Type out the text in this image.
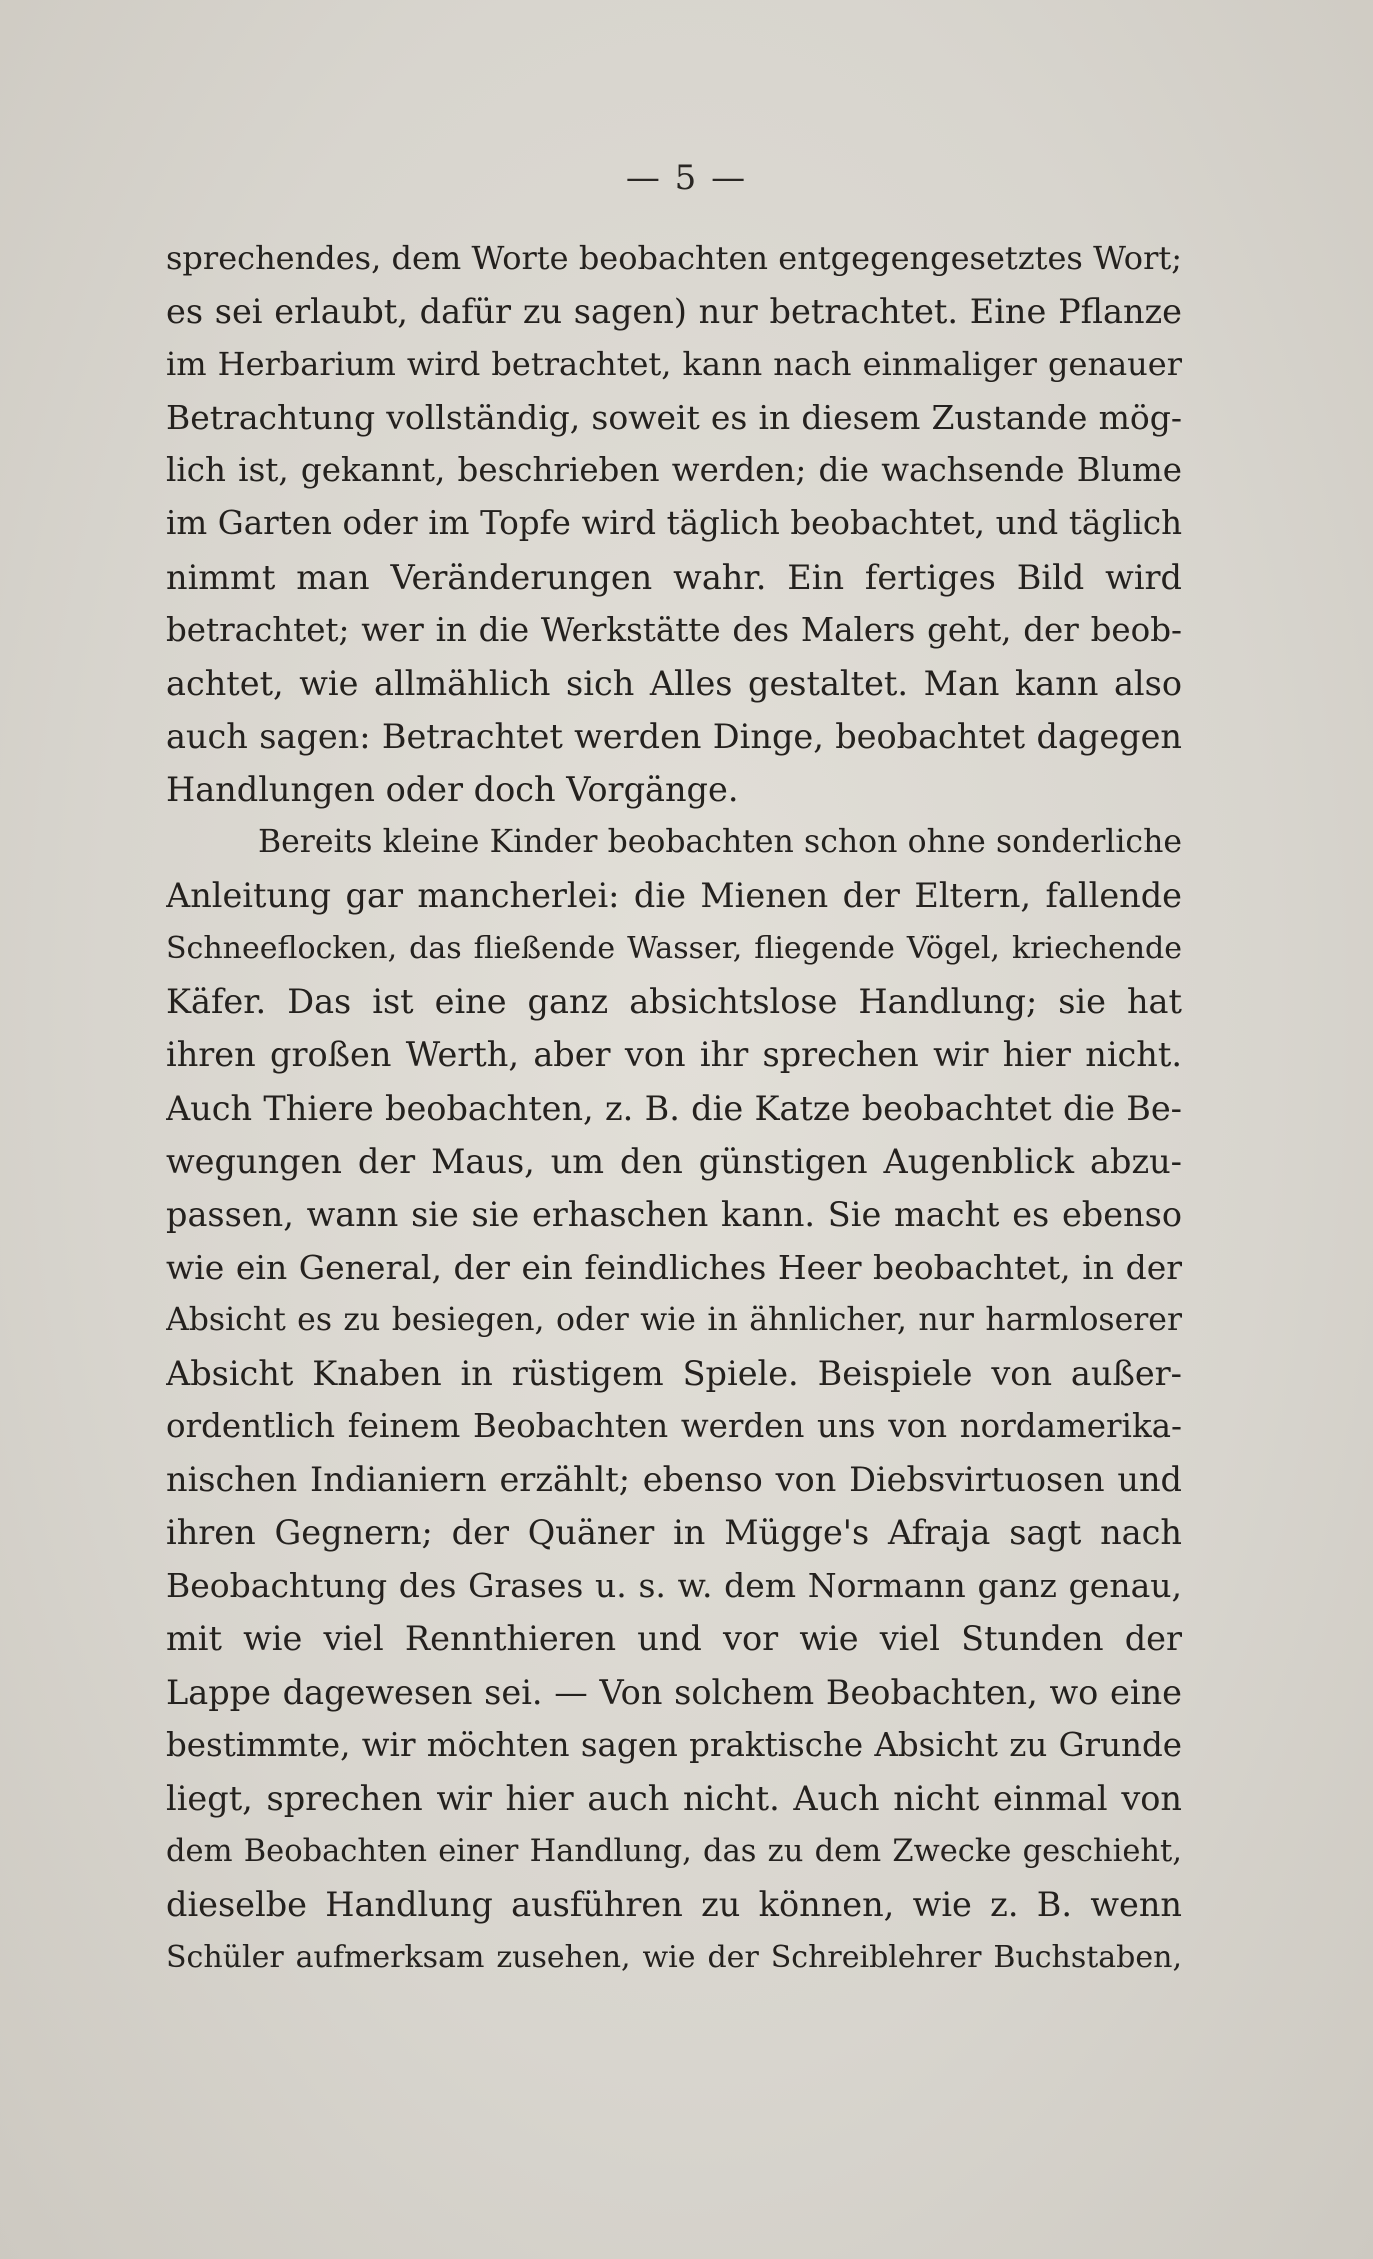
— 5 —
sprechendes, dem Worte beobachten entgegengesetztes Wort;
es sei erlaubt, dafür zu sagen) nur betrachtet. Eine Pflanze
im Herbarium wird betrachtet, kann nach einmaliger genauer
Betrachtung vollständig, soweit es in diesem Zustande mög-
lich ist, gekannt, beschrieben werden; die wachsende Blume
im Garten oder im Topfe wird täglich beobachtet, und täglich
nimmt man Veränderungen wahr. Ein fertiges Bild wird
betrachtet; wer in die Werkstätte des Malers geht, der beob-
achtet, wie allmählich sich Alles gestaltet. Man kann also
auch sagen: Betrachtet werden Dinge, beobachtet dagegen
Handlungen oder doch Vorgänge.
Bereits kleine Kinder beobachten schon ohne sonderliche
Anleitung gar mancherlei: die Mienen der Eltern, fallende
Schneeflocken, das fließende Wasser, fliegende Vögel, kriechende
Käfer. Das ist eine ganz absichtslose Handlung; sie hat
ihren großen Werth, aber von ihr sprechen wir hier nicht.
Auch Thiere beobachten, z. B. die Katze beobachtet die Be-
wegungen der Maus, um den günstigen Augenblick abzu-
passen, wann sie sie erhaschen kann. Sie macht es ebenso
wie ein General, der ein feindliches Heer beobachtet, in der
Absicht es zu besiegen, oder wie in ähnlicher, nur harmloserer
Absicht Knaben in rüstigem Spiele. Beispiele von außer-
ordentlich feinem Beobachten werden uns von nordamerika-
nischen Indianiern erzählt; ebenso von Diebsvirtuosen und
ihren Gegnern; der Quäner in Mügge's Afraja sagt nach
Beobachtung des Grases u. s. w. dem Normann ganz genau,
mit wie viel Rennthieren und vor wie viel Stunden der
Lappe dagewesen sei. — Von solchem Beobachten, wo eine
bestimmte, wir möchten sagen praktische Absicht zu Grunde
liegt, sprechen wir hier auch nicht. Auch nicht einmal von
dem Beobachten einer Handlung, das zu dem Zwecke geschieht,
dieselbe Handlung ausführen zu können, wie z. B. wenn
Schüler aufmerksam zusehen, wie der Schreiblehrer Buchstaben,
